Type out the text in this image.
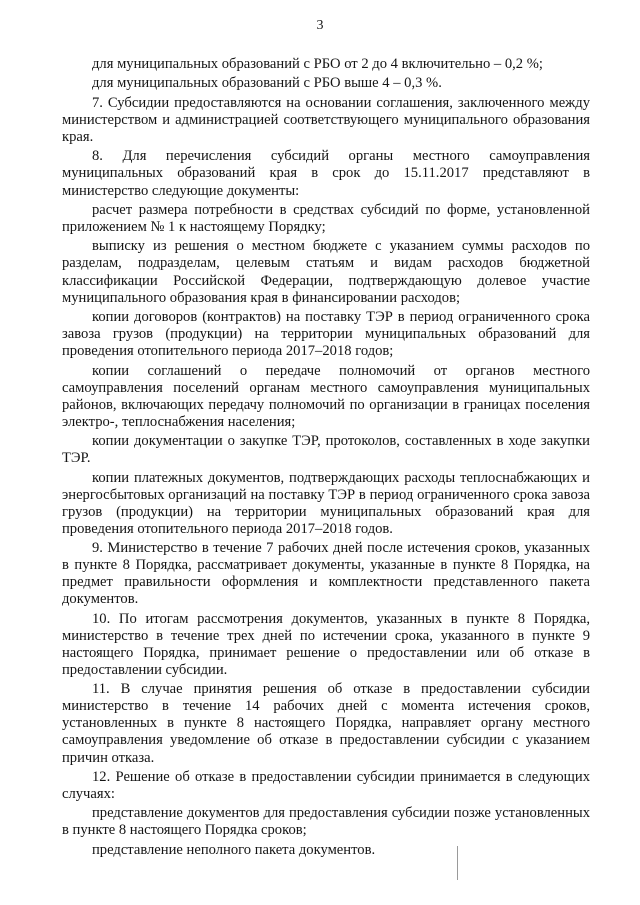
3

для муниципальных образований с РБО от 2 до 4 включительно – 0,2 %;

для муниципальных образований с РБО выше 4 – 0,3 %.

7. Субсидии предоставляются на основании соглашения, заключенного между министерством и администрацией соответствующего муниципального образования края.

8. Для перечисления субсидий органы местного самоуправления муниципальных образований края в срок до 15.11.2017 представляют в министерство следующие документы:

расчет размера потребности в средствах субсидий по форме, установленной приложением № 1 к настоящему Порядку;

выписку из решения о местном бюджете с указанием суммы расходов по разделам, подразделам, целевым статьям и видам расходов бюджетной классификации Российской Федерации, подтверждающую долевое участие муниципального образования края в финансировании расходов;

копии договоров (контрактов) на поставку ТЭР в период ограниченного срока завоза грузов (продукции) на территории муниципальных образований для проведения отопительного периода 2017–2018 годов;

копии соглашений о передаче полномочий от органов местного самоуправления поселений органам местного самоуправления муниципальных районов, включающих передачу полномочий по организации в границах поселения электро-, теплоснабжения населения;

копии документации о закупке ТЭР, протоколов, составленных в ходе закупки ТЭР.

копии платежных документов, подтверждающих расходы теплоснабжающих и энергосбытовых организаций на поставку ТЭР в период ограниченного срока завоза грузов (продукции) на территории муниципальных образований края для проведения отопительного периода 2017–2018 годов.

9. Министерство в течение 7 рабочих дней после истечения сроков, указанных в пункте 8 Порядка, рассматривает документы, указанные в пункте 8 Порядка, на предмет правильности оформления и комплектности представленного пакета документов.

10. По итогам рассмотрения документов, указанных в пункте 8 Порядка, министерство в течение трех дней по истечении срока, указанного в пункте 9 настоящего Порядка, принимает решение о предоставлении или об отказе в предоставлении субсидии.

11. В случае принятия решения об отказе в предоставлении субсидии министерство в течение 14 рабочих дней с момента истечения сроков, установленных в пункте 8 настоящего Порядка, направляет органу местного самоуправления уведомление об отказе в предоставлении субсидии с указанием причин отказа.

12. Решение об отказе в предоставлении субсидии принимается в следующих случаях:

представление документов для предоставления субсидии позже установленных в пункте 8 настоящего Порядка сроков;

представление неполного пакета документов.
